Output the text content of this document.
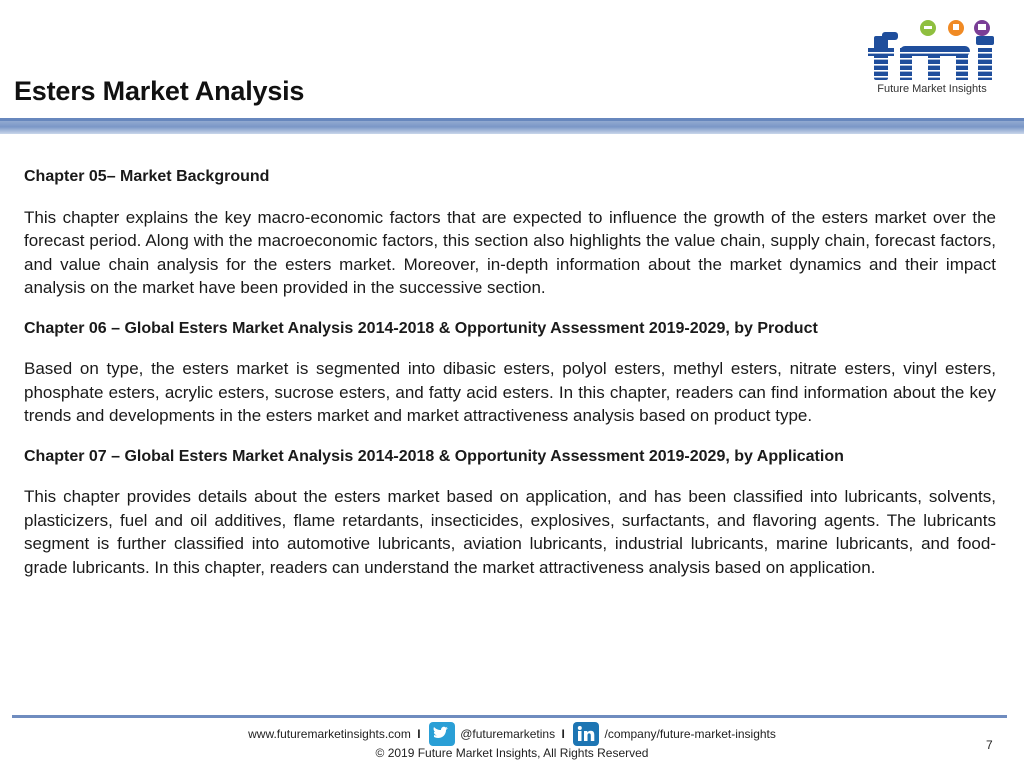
Esters Market Analysis	Future Market Insights
Chapter 05– Market Background
This chapter explains the key macro-economic factors that are expected to influence the growth of the esters market over the forecast period. Along with the macroeconomic factors, this section also highlights the value chain, supply chain, forecast factors, and value chain analysis for the esters market. Moreover, in-depth information about the market dynamics and their impact analysis on the market have been provided in the successive section.
Chapter 06 – Global Esters Market Analysis 2014-2018 & Opportunity Assessment 2019-2029, by Product
Based on type, the esters market is segmented into dibasic esters, polyol esters, methyl esters, nitrate esters, vinyl esters, phosphate esters, acrylic esters, sucrose esters, and fatty acid esters. In this chapter, readers can find information about the key trends and developments in the esters market and market attractiveness analysis based on product type.
Chapter 07 – Global Esters Market Analysis 2014-2018 & Opportunity Assessment 2019-2029, by Application
This chapter provides details about the esters market based on application, and has been classified into lubricants, solvents, plasticizers, fuel and oil additives, flame retardants, insecticides, explosives, surfactants, and flavoring agents. The lubricants segment is further classified into automotive lubricants, aviation lubricants, industrial lubricants, marine lubricants, and food-grade lubricants. In this chapter, readers can understand the market attractiveness analysis based on application.
www.futuremarketinsights.com I	@futuremarketins I	/company/future-market-insights
© 2019 Future Market Insights, All Rights Reserved
7
